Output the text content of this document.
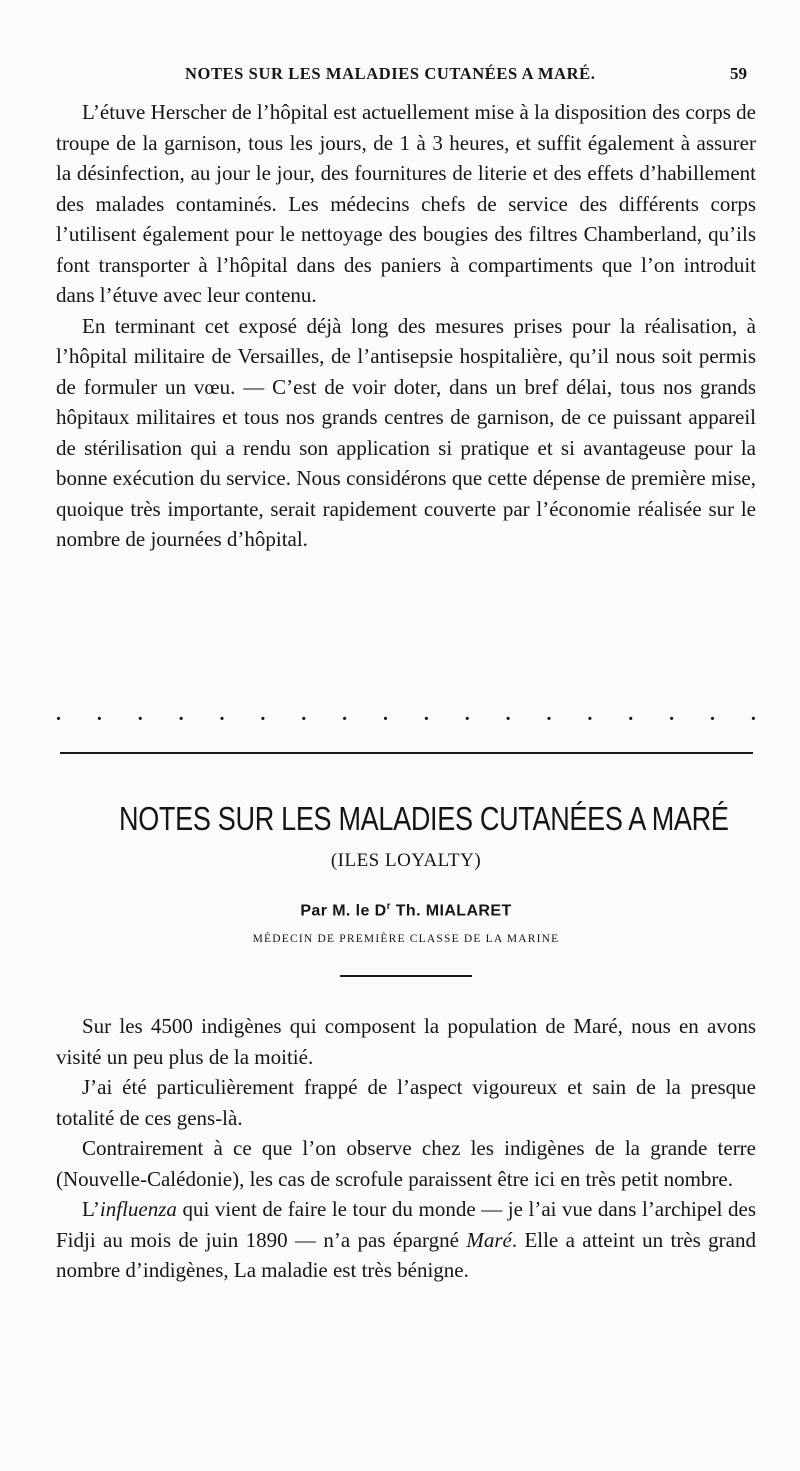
NOTES SUR LES MALADIES CUTANÉES A MARÉ.	59

L’étuve Herscher de l’hôpital est actuellement mise à la disposition des corps de troupe de la garnison, tous les jours, de 1 à 3 heures, et suffit également à assurer la désinfection, au jour le jour, des fournitures de literie et des effets d’habillement des malades contaminés. Les médecins chefs de service des différents corps l’utilisent également pour le nettoyage des bougies des filtres Chamberland, qu’ils font transporter à l’hôpital dans des paniers à compartiments que l’on introduit dans l’étuve avec leur contenu.

En terminant cet exposé déjà long des mesures prises pour la réalisation, à l’hôpital militaire de Versailles, de l’antisepsie hospitalière, qu’il nous soit permis de formuler un vœu. — C’est de voir doter, dans un bref délai, tous nos grands hôpitaux militaires et tous nos grands centres de garnison, de ce puissant appareil de stérilisation qui a rendu son application si pratique et si avantageuse pour la bonne exécution du service. Nous considérons que cette dépense de première mise, quoique très importante, serait rapidement couverte par l’économie réalisée sur le nombre de journées d’hôpital.

. . . . . . . . . . . . . . . . . .
NOTES SUR LES MALADIES CUTANÉES A MARÉ
(ILES LOYALTY)
Par M. le $D^r$ Th. MIALARET
MÉDECIN DE PREMIÈRE CLASSE DE LA MARINE

Sur les 4500 indigènes qui composent la population de Maré, nous en avons visité un peu plus de la moitié.

J’ai été particulièrement frappé de l’aspect vigoureux et sain de la presque totalité de ces gens-là.

Contrairement à ce que l’on observe chez les indigènes de la grande terre (Nouvelle-Calédonie), les cas de scrofule paraissent être ici en très petit nombre.

L’influenza qui vient de faire le tour du monde — je l’ai vue dans l’archipel des Fidji au mois de juin 1890 — n’a pas épargné Maré. Elle a atteint un très grand nombre d’indigènes, La maladie est très bénigne.
